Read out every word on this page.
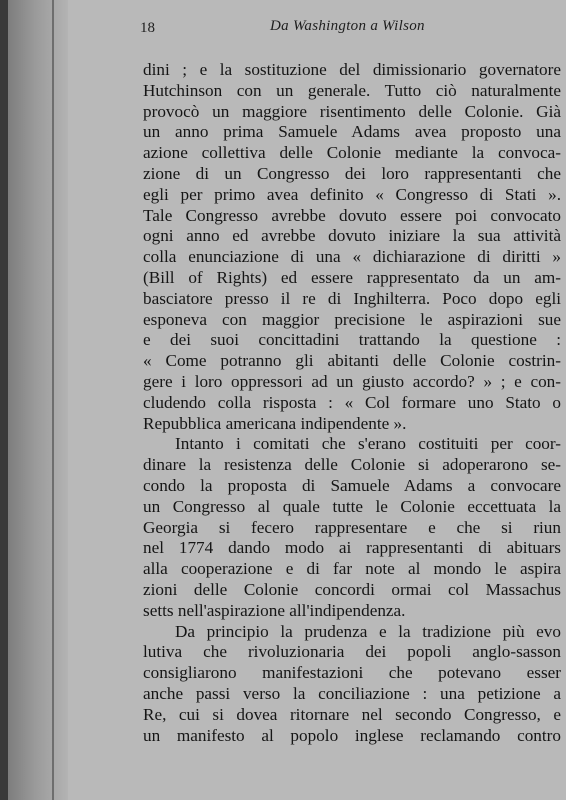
18	Da Washington a Wilson
dini ; e la sostituzione del dimissionario governatore
Hutchinson con un generale. Tutto ciò naturalmente
provocò un maggiore risentimento delle Colonie. Già
un anno prima Samuele Adams avea proposto una
azione collettiva delle Colonie mediante la convoca-
zione di un Congresso dei loro rappresentanti che
egli per primo avea definito « Congresso di Stati ».
Tale Congresso avrebbe dovuto essere poi convocato
ogni anno ed avrebbe dovuto iniziare la sua attività
colla enunciazione di una « dichiarazione di diritti »
(Bill of Rights) ed essere rappresentato da un am-
basciatore presso il re di Inghilterra. Poco dopo egli
esponeva con maggior precisione le aspirazioni sue
e dei suoi concittadini trattando la questione :
« Come potranno gli abitanti delle Colonie costrin-
gere i loro oppressori ad un giusto accordo? » ; e con-
cludendo colla risposta : « Col formare uno Stato o
Repubblica americana indipendente ».
Intanto i comitati che s'erano costituiti per coor-
dinare la resistenza delle Colonie si adoperarono se-
condo la proposta di Samuele Adams a convocare
un Congresso al quale tutte le Colonie eccettuata la
Georgia si fecero rappresentare e che si riun
nel 1774 dando modo ai rappresentanti di abituars
alla cooperazione e di far note al mondo le aspira
zioni delle Colonie concordi ormai col Massachus
setts nell'aspirazione all'indipendenza.
Da principio la prudenza e la tradizione più evo
lutiva che rivoluzionaria dei popoli anglo-sasson
consigliarono manifestazioni che potevano esser
anche passi verso la conciliazione : una petizione a
Re, cui si dovea ritornare nel secondo Congresso, e
un manifesto al popolo inglese reclamando contro
